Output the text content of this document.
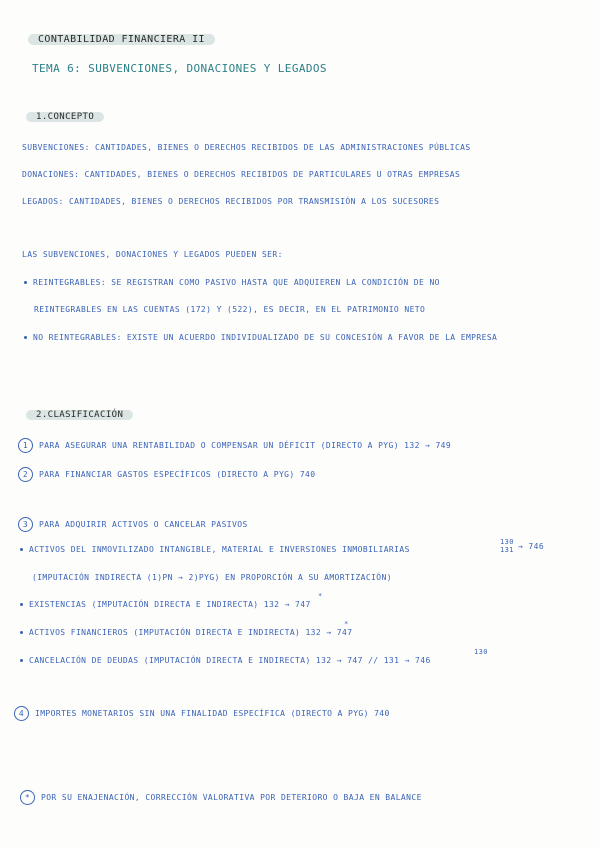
CONTABILIDAD FINANCIERA II
TEMA 6: SUBVENCIONES, DONACIONES Y LEGADOS
1.CONCEPTO
SUBVENCIONES: CANTIDADES, BIENES O DERECHOS RECIBIDOS DE LAS ADMINISTRACIONES PÚBLICAS
DONACIONES: CANTIDADES, BIENES O DERECHOS RECIBIDOS DE PARTICULARES U OTRAS EMPRESAS
LEGADOS: CANTIDADES, BIENES O DERECHOS RECIBIDOS POR TRANSMISIÓN A LOS SUCESORES
LAS SUBVENCIONES, DONACIONES Y LEGADOS PUEDEN SER:
REINTEGRABLES: SE REGISTRAN COMO PASIVO HASTA QUE ADQUIEREN LA CONDICIÓN DE NO
REINTEGRABLES EN LAS CUENTAS (172) Y (522), ES DECIR, EN EL PATRIMONIO NETO
NO REINTEGRABLES: EXISTE UN ACUERDO INDIVIDUALIZADO DE SU CONCESIÓN A FAVOR DE LA EMPRESA
2.CLASIFICACIÓN
1 PARA ASEGURAR UNA RENTABILIDAD O COMPENSAR UN DÉFICIT (DIRECTO A PYG) 132 → 749
2 PARA FINANCIAR GASTOS ESPECÍFICOS (DIRECTO A PYG) 740
3 PARA ADQUIRIR ACTIVOS O CANCELAR PASIVOS
ACTIVOS DEL INMOVILIZADO INTANGIBLE, MATERIAL E INVERSIONES INMOBILIARIAS
130
131 → 746
(IMPUTACIÓN INDIRECTA (1)PN → 2)PYG) EN PROPORCIÓN A SU AMORTIZACIÓN)
*
EXISTENCIAS (IMPUTACIÓN DIRECTA E INDIRECTA) 132 → 747
*
ACTIVOS FINANCIEROS (IMPUTACIÓN DIRECTA E INDIRECTA) 132 → 747
130
CANCELACIÓN DE DEUDAS (IMPUTACIÓN DIRECTA E INDIRECTA) 132 → 747 // 131 → 746
4 IMPORTES MONETARIOS SIN UNA FINALIDAD ESPECÍFICA (DIRECTO A PYG) 740
* POR SU ENAJENACIÓN, CORRECCIÓN VALORATIVA POR DETERIORO O BAJA EN BALANCE
